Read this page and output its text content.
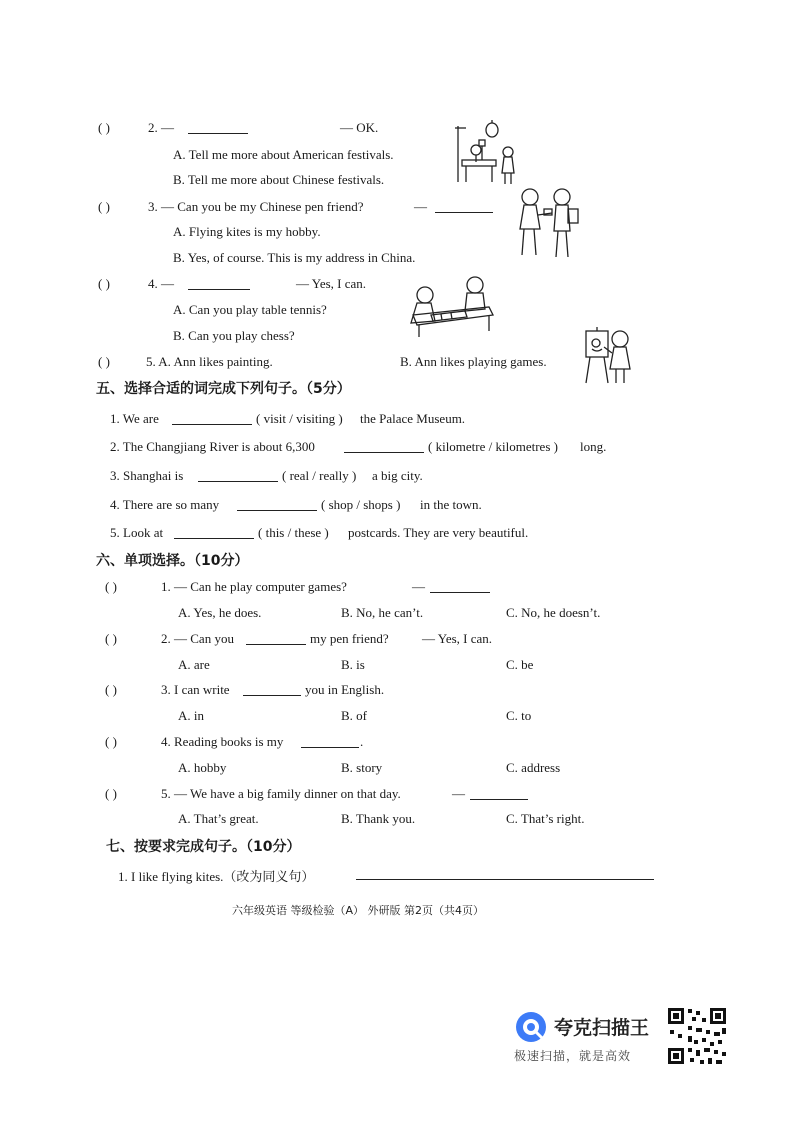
( )	2. —	— OK.
A. Tell me more about American festivals.
B. Tell me more about Chinese festivals.
( )	3. — Can you be my Chinese pen friend?	—
A. Flying kites is my hobby.
B. Yes, of course. This is my address in China.
( )	4. —	— Yes, I can.
A. Can you play table tennis?
B. Can you play chess?
( )	5. A. Ann likes painting.	B. Ann likes playing games.
五、选择合适的词完成下列句子。（5分）
1. We are	( visit / visiting ) the Palace Museum.
2. The Changjiang River is about 6,300	( kilometre / kilometres ) long.
3. Shanghai is	( real / really ) a big city.
4. There are so many	( shop / shops ) in the town.
5. Look at	( this / these ) postcards. They are very beautiful.
六、单项选择。（10分）
( )	1. — Can he play computer games?	—
A. Yes, he does.	B. No, he can’t.	C. No, he doesn’t.
( )	2. — Can you	my pen friend?	— Yes, I can.
A. are	B. is	C. be
( )	3. I can write	you in English.
A. in	B. of	C. to
( )	4. Reading books is my	.
A. hobby	B. story	C. address
( )	5. — We have a big family dinner on that day.	—
A. That’s great.	B. Thank you.	C. That’s right.
七、按要求完成句子。（10分）
1. I like flying kites.（改为同义句）
六年级英语 等级检验（A） 外研版 第2页（共4页）
夸克扫描王
极速扫描，就是高效
